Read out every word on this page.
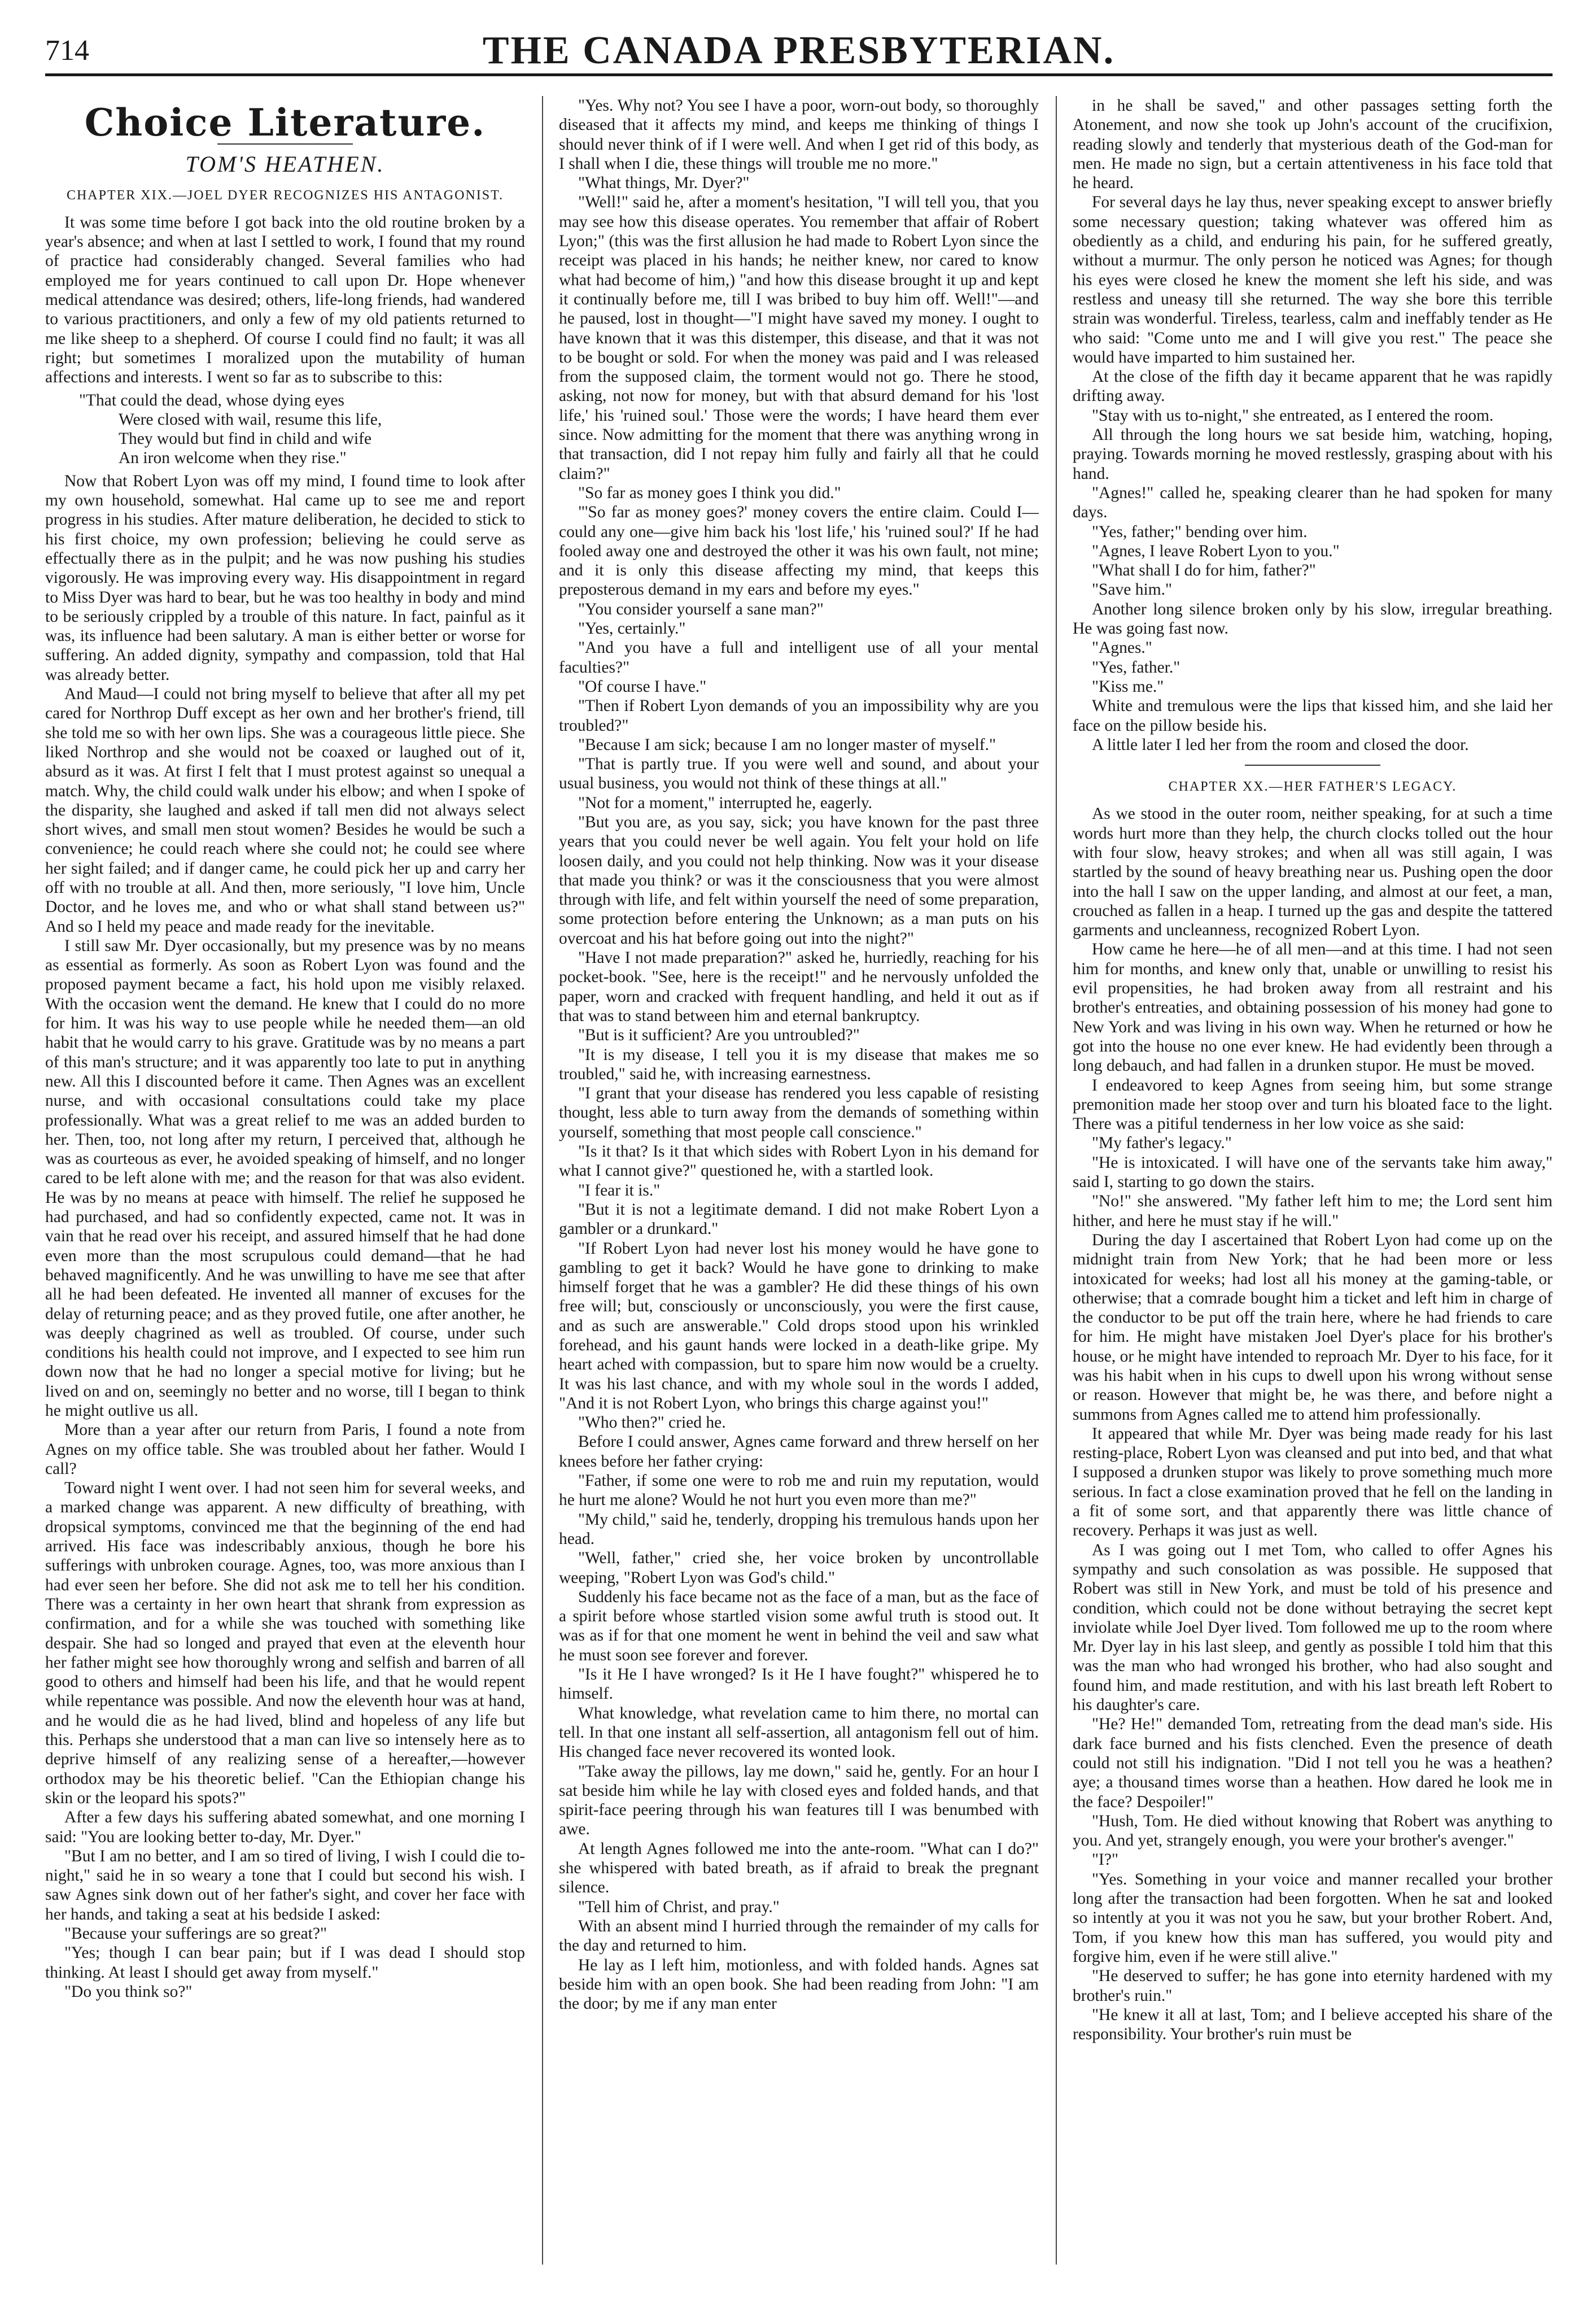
714	THE CANADA PRESBYTERIAN.
Choice Literature.
TOM'S HEATHEN.
CHAPTER XIX.—JOEL DYER RECOGNIZES HIS ANTAGONIST.

It was some time before I got back into the old routine broken by a year's absence; and when at last I settled to work, I found that my round of practice had considerably changed. Several families who had employed me for years continued to call upon Dr. Hope whenever medical attendance was desired; others, life-long friends, had wandered to various practitioners, and only a few of my old patients returned to me like sheep to a shepherd. Of course I could find no fault; it was all right; but sometimes I moralized upon the mutability of human affections and interests. I went so far as to subscribe to this:

"That could the dead, whose dying eyes
Were closed with wail, resume this life,
They would but find in child and wife
An iron welcome when they rise."

Now that Robert Lyon was off my mind, I found time to look after my own household, somewhat. Hal came up to see me and report progress in his studies. After mature deliberation, he decided to stick to his first choice, my own profession; believing he could serve as effectually there as in the pulpit; and he was now pushing his studies vigorously. He was improving every way. His disappointment in regard to Miss Dyer was hard to bear, but he was too healthy in body and mind to be seriously crippled by a trouble of this nature. In fact, painful as it was, its influence had been salutary. A man is either better or worse for suffering. An added dignity, sympathy and compassion, told that Hal was already better.

And Maud—I could not bring myself to believe that after all my pet cared for Northrop Duff except as her own and her brother's friend, till she told me so with her own lips. She was a courageous little piece. She liked Northrop and she would not be coaxed or laughed out of it, absurd as it was. At first I felt that I must protest against so unequal a match. Why, the child could walk under his elbow; and when I spoke of the disparity, she laughed and asked if tall men did not always select short wives, and small men stout women? Besides he would be such a convenience; he could reach where she could not; he could see where her sight failed; and if danger came, he could pick her up and carry her off with no trouble at all. And then, more seriously, "I love him, Uncle Doctor, and he loves me, and who or what shall stand between us?" And so I held my peace and made ready for the inevitable.

I still saw Mr. Dyer occasionally, but my presence was by no means as essential as formerly. As soon as Robert Lyon was found and the proposed payment became a fact, his hold upon me visibly relaxed. With the occasion went the demand. He knew that I could do no more for him. It was his way to use people while he needed them—an old habit that he would carry to his grave. Gratitude was by no means a part of this man's structure; and it was apparently too late to put in anything new. All this I discounted before it came. Then Agnes was an excellent nurse, and with occasional consultations could take my place professionally. What was a great relief to me was an added burden to her. Then, too, not long after my return, I perceived that, although he was as courteous as ever, he avoided speaking of himself, and no longer cared to be left alone with me; and the reason for that was also evident. He was by no means at peace with himself. The relief he supposed he had purchased, and had so confidently expected, came not. It was in vain that he read over his receipt, and assured himself that he had done even more than the most scrupulous could demand—that he had behaved magnificently. And he was unwilling to have me see that after all he had been defeated. He invented all manner of excuses for the delay of returning peace; and as they proved futile, one after another, he was deeply chagrined as well as troubled. Of course, under such conditions his health could not improve, and I expected to see him run down now that he had no longer a special motive for living; but he lived on and on, seemingly no better and no worse, till I began to think he might outlive us all.

More than a year after our return from Paris, I found a note from Agnes on my office table. She was troubled about her father. Would I call?

Toward night I went over. I had not seen him for several weeks, and a marked change was apparent. A new difficulty of breathing, with dropsical symptoms, convinced me that the beginning of the end had arrived. His face was indescribably anxious, though he bore his sufferings with unbroken courage. Agnes, too, was more anxious than I had ever seen her before. She did not ask me to tell her his condition. There was a certainty in her own heart that shrank from expression as confirmation, and for a while she was touched with something like despair. She had so longed and prayed that even at the eleventh hour her father might see how thoroughly wrong and selfish and barren of all good to others and himself had been his life, and that he would repent while repentance was possible. And now the eleventh hour was at hand, and he would die as he had lived, blind and hopeless of any life but this. Perhaps she understood that a man can live so intensely here as to deprive himself of any realizing sense of a hereafter,—however orthodox may be his theoretic belief. "Can the Ethiopian change his skin or the leopard his spots?"

After a few days his suffering abated somewhat, and one morning I said: "You are looking better to-day, Mr. Dyer."

"But I am no better, and I am so tired of living, I wish I could die to-night," said he in so weary a tone that I could but second his wish. I saw Agnes sink down out of her father's sight, and cover her face with her hands, and taking a seat at his bedside I asked:

"Because your sufferings are so great?"

"Yes; though I can bear pain; but if I was dead I should stop thinking. At least I should get away from myself."

"Do you think so?"

"Yes. Why not? You see I have a poor, worn-out body, so thoroughly diseased that it affects my mind, and keeps me thinking of things I should never think of if I were well. And when I get rid of this body, as I shall when I die, these things will trouble me no more."

"What things, Mr. Dyer?"

"Well!" said he, after a moment's hesitation, "I will tell you, that you may see how this disease operates. You remember that affair of Robert Lyon;" (this was the first allusion he had made to Robert Lyon since the receipt was placed in his hands; he neither knew, nor cared to know what had become of him,) "and how this disease brought it up and kept it continually before me, till I was bribed to buy him off. Well!"—and he paused, lost in thought—"I might have saved my money. I ought to have known that it was this distemper, this disease, and that it was not to be bought or sold. For when the money was paid and I was released from the supposed claim, the torment would not go. There he stood, asking, not now for money, but with that absurd demand for his 'lost life,' his 'ruined soul.' Those were the words; I have heard them ever since. Now admitting for the moment that there was anything wrong in that transaction, did I not repay him fully and fairly all that he could claim?"

"So far as money goes I think you did."

"'So far as money goes?' money covers the entire claim. Could I—could any one—give him back his 'lost life,' his 'ruined soul?' If he had fooled away one and destroyed the other it was his own fault, not mine; and it is only this disease affecting my mind, that keeps this preposterous demand in my ears and before my eyes."

"You consider yourself a sane man?"

"Yes, certainly."

"And you have a full and intelligent use of all your mental faculties?"

"Of course I have."

"Then if Robert Lyon demands of you an impossibility why are you troubled?"

"Because I am sick; because I am no longer master of myself."

"That is partly true. If you were well and sound, and about your usual business, you would not think of these things at all."

"Not for a moment," interrupted he, eagerly.

"But you are, as you say, sick; you have known for the past three years that you could never be well again. You felt your hold on life loosen daily, and you could not help thinking. Now was it your disease that made you think? or was it the consciousness that you were almost through with life, and felt within yourself the need of some preparation, some protection before entering the Unknown; as a man puts on his overcoat and his hat before going out into the night?"

"Have I not made preparation?" asked he, hurriedly, reaching for his pocket-book. "See, here is the receipt!" and he nervously unfolded the paper, worn and cracked with frequent handling, and held it out as if that was to stand between him and eternal bankruptcy.

"But is it sufficient? Are you untroubled?"

"It is my disease, I tell you it is my disease that makes me so troubled," said he, with increasing earnestness.

"I grant that your disease has rendered you less capable of resisting thought, less able to turn away from the demands of something within yourself, something that most people call conscience."

"Is it that? Is it that which sides with Robert Lyon in his demand for what I cannot give?" questioned he, with a startled look.

"I fear it is."

"But it is not a legitimate demand. I did not make Robert Lyon a gambler or a drunkard."

"If Robert Lyon had never lost his money would he have gone to gambling to get it back? Would he have gone to drinking to make himself forget that he was a gambler? He did these things of his own free will; but, consciously or unconsciously, you were the first cause, and as such are answerable." Cold drops stood upon his wrinkled forehead, and his gaunt hands were locked in a death-like gripe. My heart ached with compassion, but to spare him now would be a cruelty. It was his last chance, and with my whole soul in the words I added, "And it is not Robert Lyon, who brings this charge against you!"

"Who then?" cried he.

Before I could answer, Agnes came forward and threw herself on her knees before her father crying:

"Father, if some one were to rob me and ruin my reputation, would he hurt me alone? Would he not hurt you even more than me?"

"My child," said he, tenderly, dropping his tremulous hands upon her head.

"Well, father," cried she, her voice broken by uncontrollable weeping, "Robert Lyon was God's child."

Suddenly his face became not as the face of a man, but as the face of a spirit before whose startled vision some awful truth is stood out. It was as if for that one moment he went in behind the veil and saw what he must soon see forever and forever.

"Is it He I have wronged? Is it He I have fought?" whispered he to himself.

What knowledge, what revelation came to him there, no mortal can tell. In that one instant all self-assertion, all antagonism fell out of him. His changed face never recovered its wonted look.

"Take away the pillows, lay me down," said he, gently. For an hour I sat beside him while he lay with closed eyes and folded hands, and that spirit-face peering through his wan features till I was benumbed with awe.

At length Agnes followed me into the ante-room. "What can I do?" she whispered with bated breath, as if afraid to break the pregnant silence.

"Tell him of Christ, and pray."

With an absent mind I hurried through the remainder of my calls for the day and returned to him.

He lay as I left him, motionless, and with folded hands. Agnes sat beside him with an open book. She had been reading from John: "I am the door; by me if any man enter

in he shall be saved," and other passages setting forth the Atonement, and now she took up John's account of the crucifixion, reading slowly and tenderly that mysterious death of the God-man for men. He made no sign, but a certain attentiveness in his face told that he heard.

For several days he lay thus, never speaking except to answer briefly some necessary question; taking whatever was offered him as obediently as a child, and enduring his pain, for he suffered greatly, without a murmur. The only person he noticed was Agnes; for though his eyes were closed he knew the moment she left his side, and was restless and uneasy till she returned. The way she bore this terrible strain was wonderful. Tireless, tearless, calm and ineffably tender as He who said: "Come unto me and I will give you rest." The peace she would have imparted to him sustained her.

At the close of the fifth day it became apparent that he was rapidly drifting away.

"Stay with us to-night," she entreated, as I entered the room.

All through the long hours we sat beside him, watching, hoping, praying. Towards morning he moved restlessly, grasping about with his hand.

"Agnes!" called he, speaking clearer than he had spoken for many days.

"Yes, father;" bending over him.

"Agnes, I leave Robert Lyon to you."

"What shall I do for him, father?"

"Save him."

Another long silence broken only by his slow, irregular breathing. He was going fast now.

"Agnes."

"Yes, father."

"Kiss me."

White and tremulous were the lips that kissed him, and she laid her face on the pillow beside his.

A little later I led her from the room and closed the door.

CHAPTER XX.—HER FATHER'S LEGACY.

As we stood in the outer room, neither speaking, for at such a time words hurt more than they help, the church clocks tolled out the hour with four slow, heavy strokes; and when all was still again, I was startled by the sound of heavy breathing near us. Pushing open the door into the hall I saw on the upper landing, and almost at our feet, a man, crouched as fallen in a heap. I turned up the gas and despite the tattered garments and uncleanness, recognized Robert Lyon.

How came he here—he of all men—and at this time. I had not seen him for months, and knew only that, unable or unwilling to resist his evil propensities, he had broken away from all restraint and his brother's entreaties, and obtaining possession of his money had gone to New York and was living in his own way. When he returned or how he got into the house no one ever knew. He had evidently been through a long debauch, and had fallen in a drunken stupor. He must be moved.

I endeavored to keep Agnes from seeing him, but some strange premonition made her stoop over and turn his bloated face to the light. There was a pitiful tenderness in her low voice as she said:

"My father's legacy."

"He is intoxicated. I will have one of the servants take him away," said I, starting to go down the stairs.

"No!" she answered. "My father left him to me; the Lord sent him hither, and here he must stay if he will."

During the day I ascertained that Robert Lyon had come up on the midnight train from New York; that he had been more or less intoxicated for weeks; had lost all his money at the gaming-table, or otherwise; that a comrade bought him a ticket and left him in charge of the conductor to be put off the train here, where he had friends to care for him. He might have mistaken Joel Dyer's place for his brother's house, or he might have intended to reproach Mr. Dyer to his face, for it was his habit when in his cups to dwell upon his wrong without sense or reason. However that might be, he was there, and before night a summons from Agnes called me to attend him professionally.

It appeared that while Mr. Dyer was being made ready for his last resting-place, Robert Lyon was cleansed and put into bed, and that what I supposed a drunken stupor was likely to prove something much more serious. In fact a close examination proved that he fell on the landing in a fit of some sort, and that apparently there was little chance of recovery. Perhaps it was just as well.

As I was going out I met Tom, who called to offer Agnes his sympathy and such consolation as was possible. He supposed that Robert was still in New York, and must be told of his presence and condition, which could not be done without betraying the secret kept inviolate while Joel Dyer lived. Tom followed me up to the room where Mr. Dyer lay in his last sleep, and gently as possible I told him that this was the man who had wronged his brother, who had also sought and found him, and made restitution, and with his last breath left Robert to his daughter's care.

"He? He!" demanded Tom, retreating from the dead man's side. His dark face burned and his fists clenched. Even the presence of death could not still his indignation. "Did I not tell you he was a heathen? aye; a thousand times worse than a heathen. How dared he look me in the face? Despoiler!"

"Hush, Tom. He died without knowing that Robert was anything to you. And yet, strangely enough, you were your brother's avenger."

"I?"

"Yes. Something in your voice and manner recalled your brother long after the transaction had been forgotten. When he sat and looked so intently at you it was not you he saw, but your brother Robert. And, Tom, if you knew how this man has suffered, you would pity and forgive him, even if he were still alive."

"He deserved to suffer; he has gone into eternity hardened with my brother's ruin."

"He knew it all at last, Tom; and I believe accepted his share of the responsibility. Your brother's ruin must be
